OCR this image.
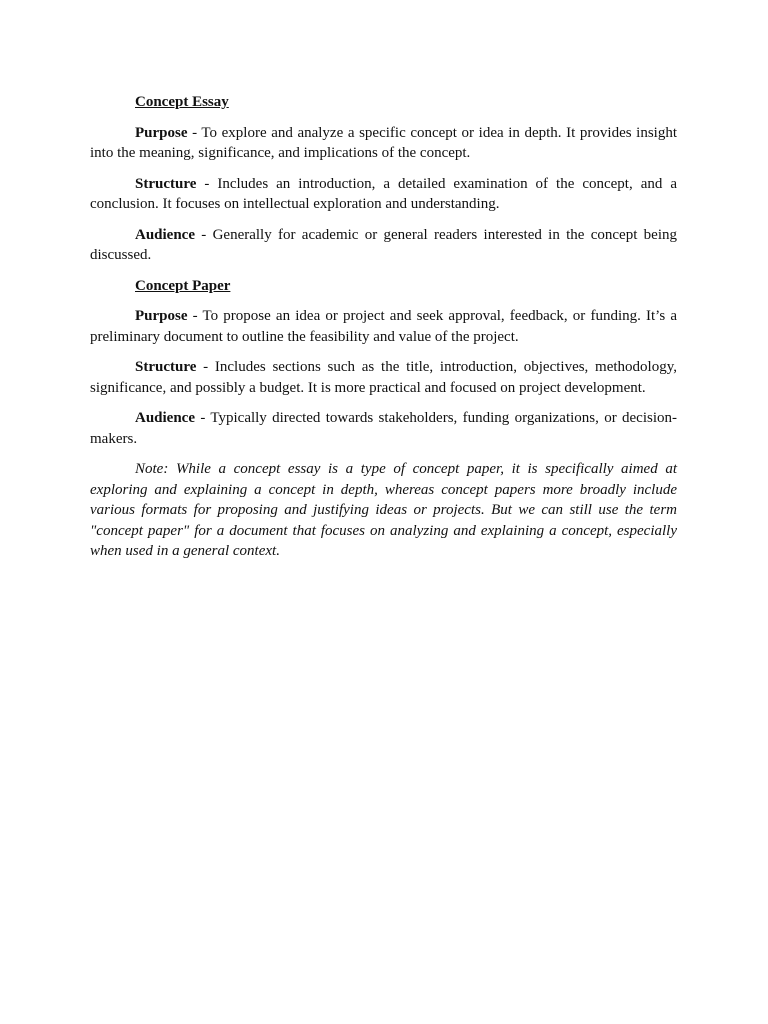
Concept Essay

Purpose - To explore and analyze a specific concept or idea in depth. It provides insight into the meaning, significance, and implications of the concept.

Structure - Includes an introduction, a detailed examination of the concept, and a conclusion. It focuses on intellectual exploration and understanding.

Audience - Generally for academic or general readers interested in the concept being discussed.

Concept Paper

Purpose - To propose an idea or project and seek approval, feedback, or funding. It’s a preliminary document to outline the feasibility and value of the project.

Structure - Includes sections such as the title, introduction, objectives, methodology, significance, and possibly a budget. It is more practical and focused on project development.

Audience - Typically directed towards stakeholders, funding organizations, or decision-makers.

Note: While a concept essay is a type of concept paper, it is specifically aimed at exploring and explaining a concept in depth, whereas concept papers more broadly include various formats for proposing and justifying ideas or projects. But we can still use the term "concept paper" for a document that focuses on analyzing and explaining a concept, especially when used in a general context.
